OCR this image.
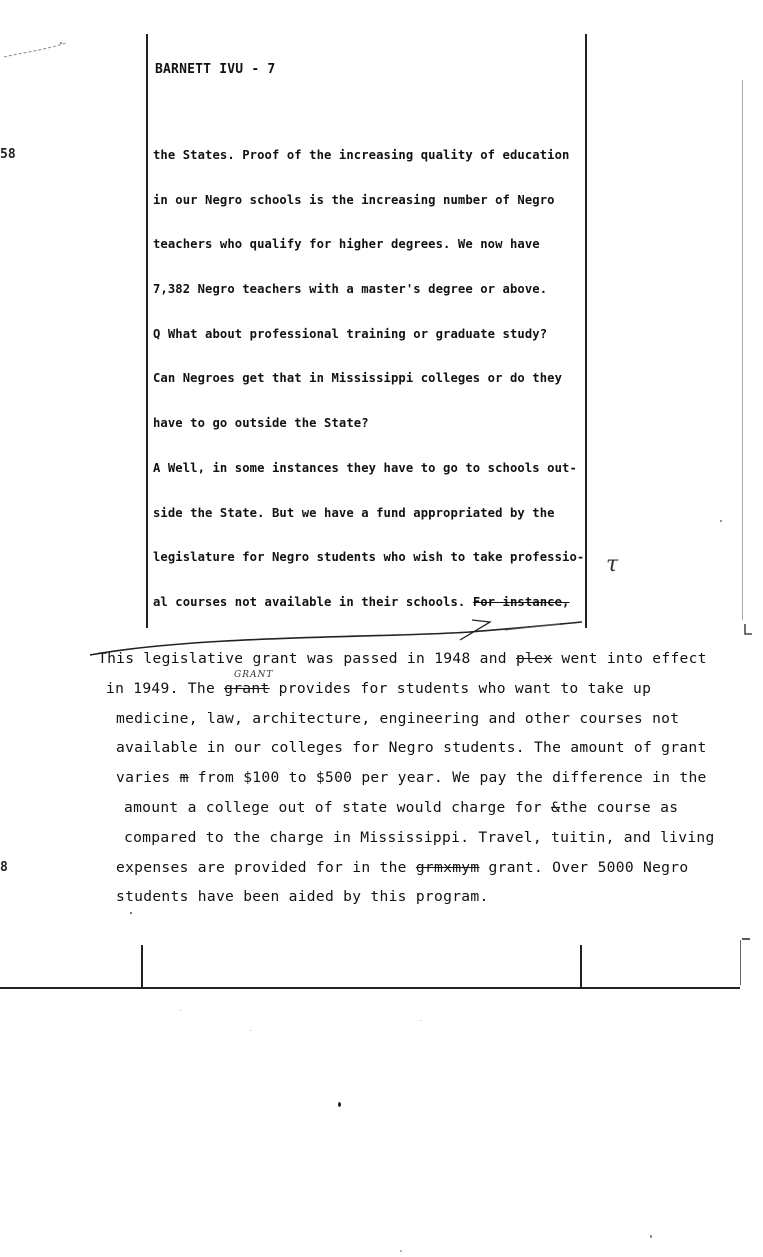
BARNETT IVU - 7
58
8
the States. Proof of the increasing quality of education
in our Negro schools is the increasing number of Negro
teachers who qualify for higher degrees. We now have
7,382 Negro teachers with a master's degree or above.
Q What about professional training or graduate study?
Can Negroes get that in Mississippi colleges or do they
have to go outside the State?
A Well, in some instances they have to go to schools out-
side the State. But we have a fund appropriated by the
legislature for Negro students who wish to take professio-
al courses not available in their schools. For instance,
τ
This legislative grant was passed in 1948 and plex went into effect
in 1949. The grant provides for students who want to take up
medicine, law, architecture, engineering and other courses not
available in our colleges for Negro students. The amount of grant
varies m from $100 to $500 per year. We pay the difference in the
amount a college out of state would charge for &the course as
compared to the charge in Mississippi. Travel, tuitin, and living
expenses are provided for in the grmxmym grant. Over 5000 Negro
students have been aided by this program.
GRANT
